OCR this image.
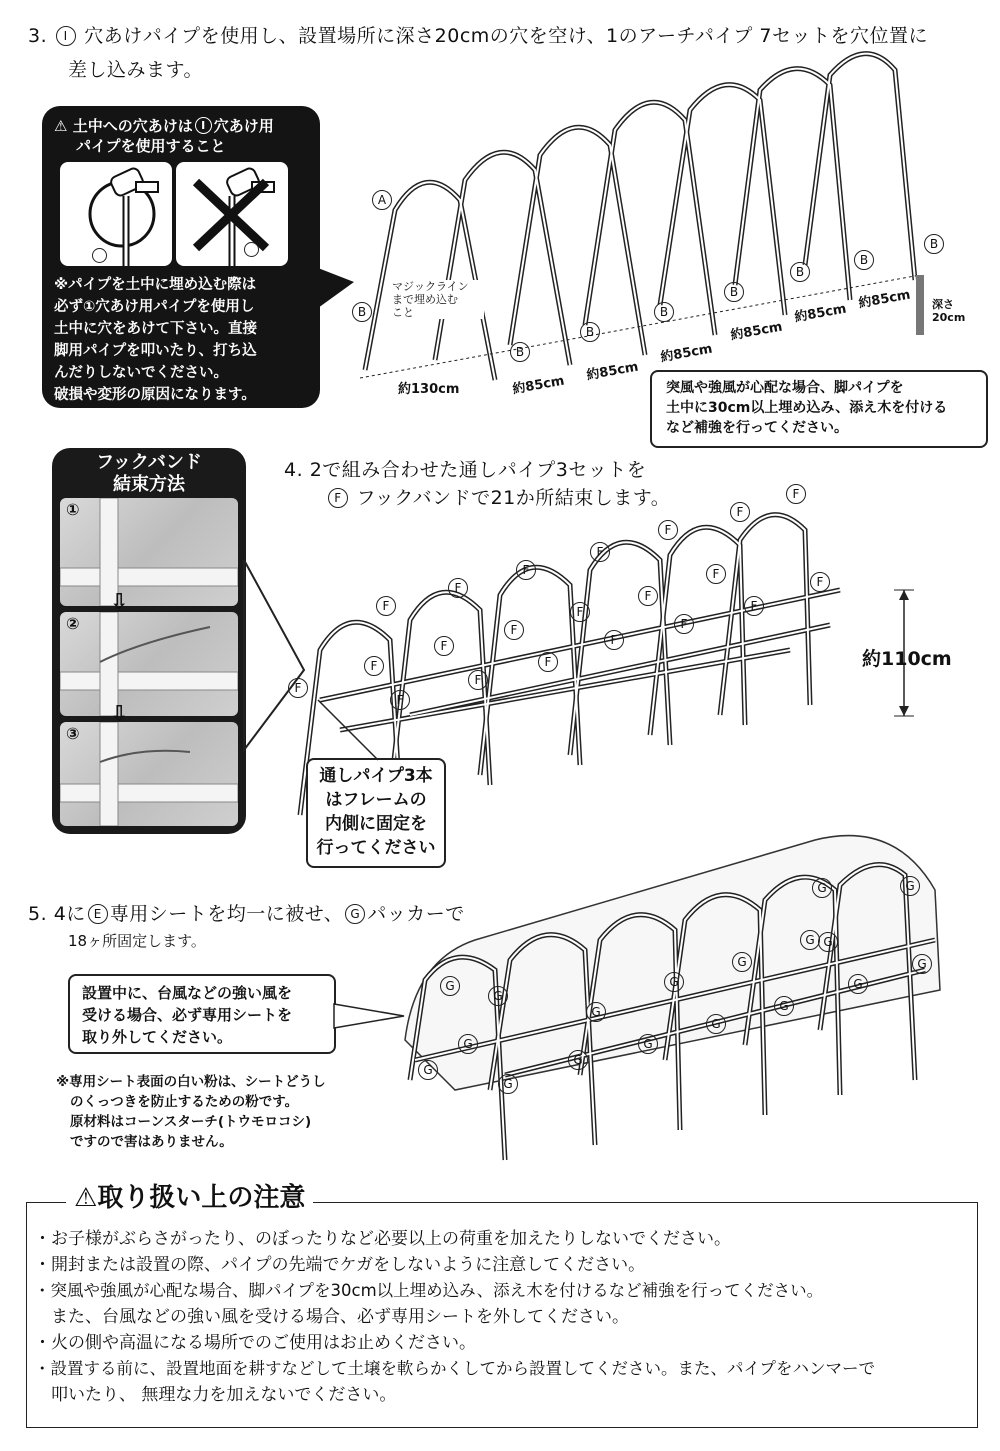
3. I 穴あけパイプを使用し、設置場所に深さ20cmの穴を空け、1のアーチパイプ 7セットを穴位置に
差し込みます。
⚠ 土中への穴あけは I 穴あけ用
パイプを使用すること
穴あけ用パイプ	I
B
※パイプを土中に埋め込む際は
必ず①穴あけ用パイプを使用し
土中に穴をあけて下さい。直接
脚用パイプを叩いたり、打ち込
んだりしないでください。
破損や変形の原因になります。
A
B
B
B
B
B
B
B
B
マジックライン
まで埋め込む
こと
約130cm	約85cm
約85cm
約85cm
約85cm
約85cm
約85cm 深さ
20cm
突風や強風が心配な場合、脚パイプを
土中に30cm以上埋め込み、添え木を付ける
など補強を行ってください。
フックバンド
結束方法
①
②
③
⇩
⇩
4. 2で組み合わせた通しパイプ3セットを
F フックバンドで21か所結束します。
約110cm
F
F
F
F
F
F
F
F
F
F
F
F
F
F
F
F
F
F
F
F
F
通しパイプ3本
はフレームの
内側に固定を
行ってください
5. 4に E 専用シートを均一に被せ、 G パッカーで
18ヶ所固定します。
G
G
G
G
G
G
G
G
G
G
G
G
G
G
G
G
G
G
設置中に、台風などの強い風を
受ける場合、必ず専用シートを
取り外してください。
※専用シート表面の白い粉は、シートどうし
のくっつきを防止するための粉です。
原材料はコーンスターチ(トウモロコシ)
ですので害はありません。
⚠取り扱い上の注意
・お子様がぶらさがったり、のぼったりなど必要以上の荷重を加えたりしないでください。
・開封または設置の際、パイプの先端でケガをしないように注意してください。
・突風や強風が心配な場合、脚パイプを30cm以上埋め込み、添え木を付けるなど補強を行ってください。
　また、台風などの強い風を受ける場合、必ず専用シートを外してください。
・火の側や高温になる場所でのご使用はお止めください。
・設置する前に、設置地面を耕すなどして土壌を軟らかくしてから設置してください。また、パイプをハンマーで
　叩いたり、 無理な力を加えないでください。
